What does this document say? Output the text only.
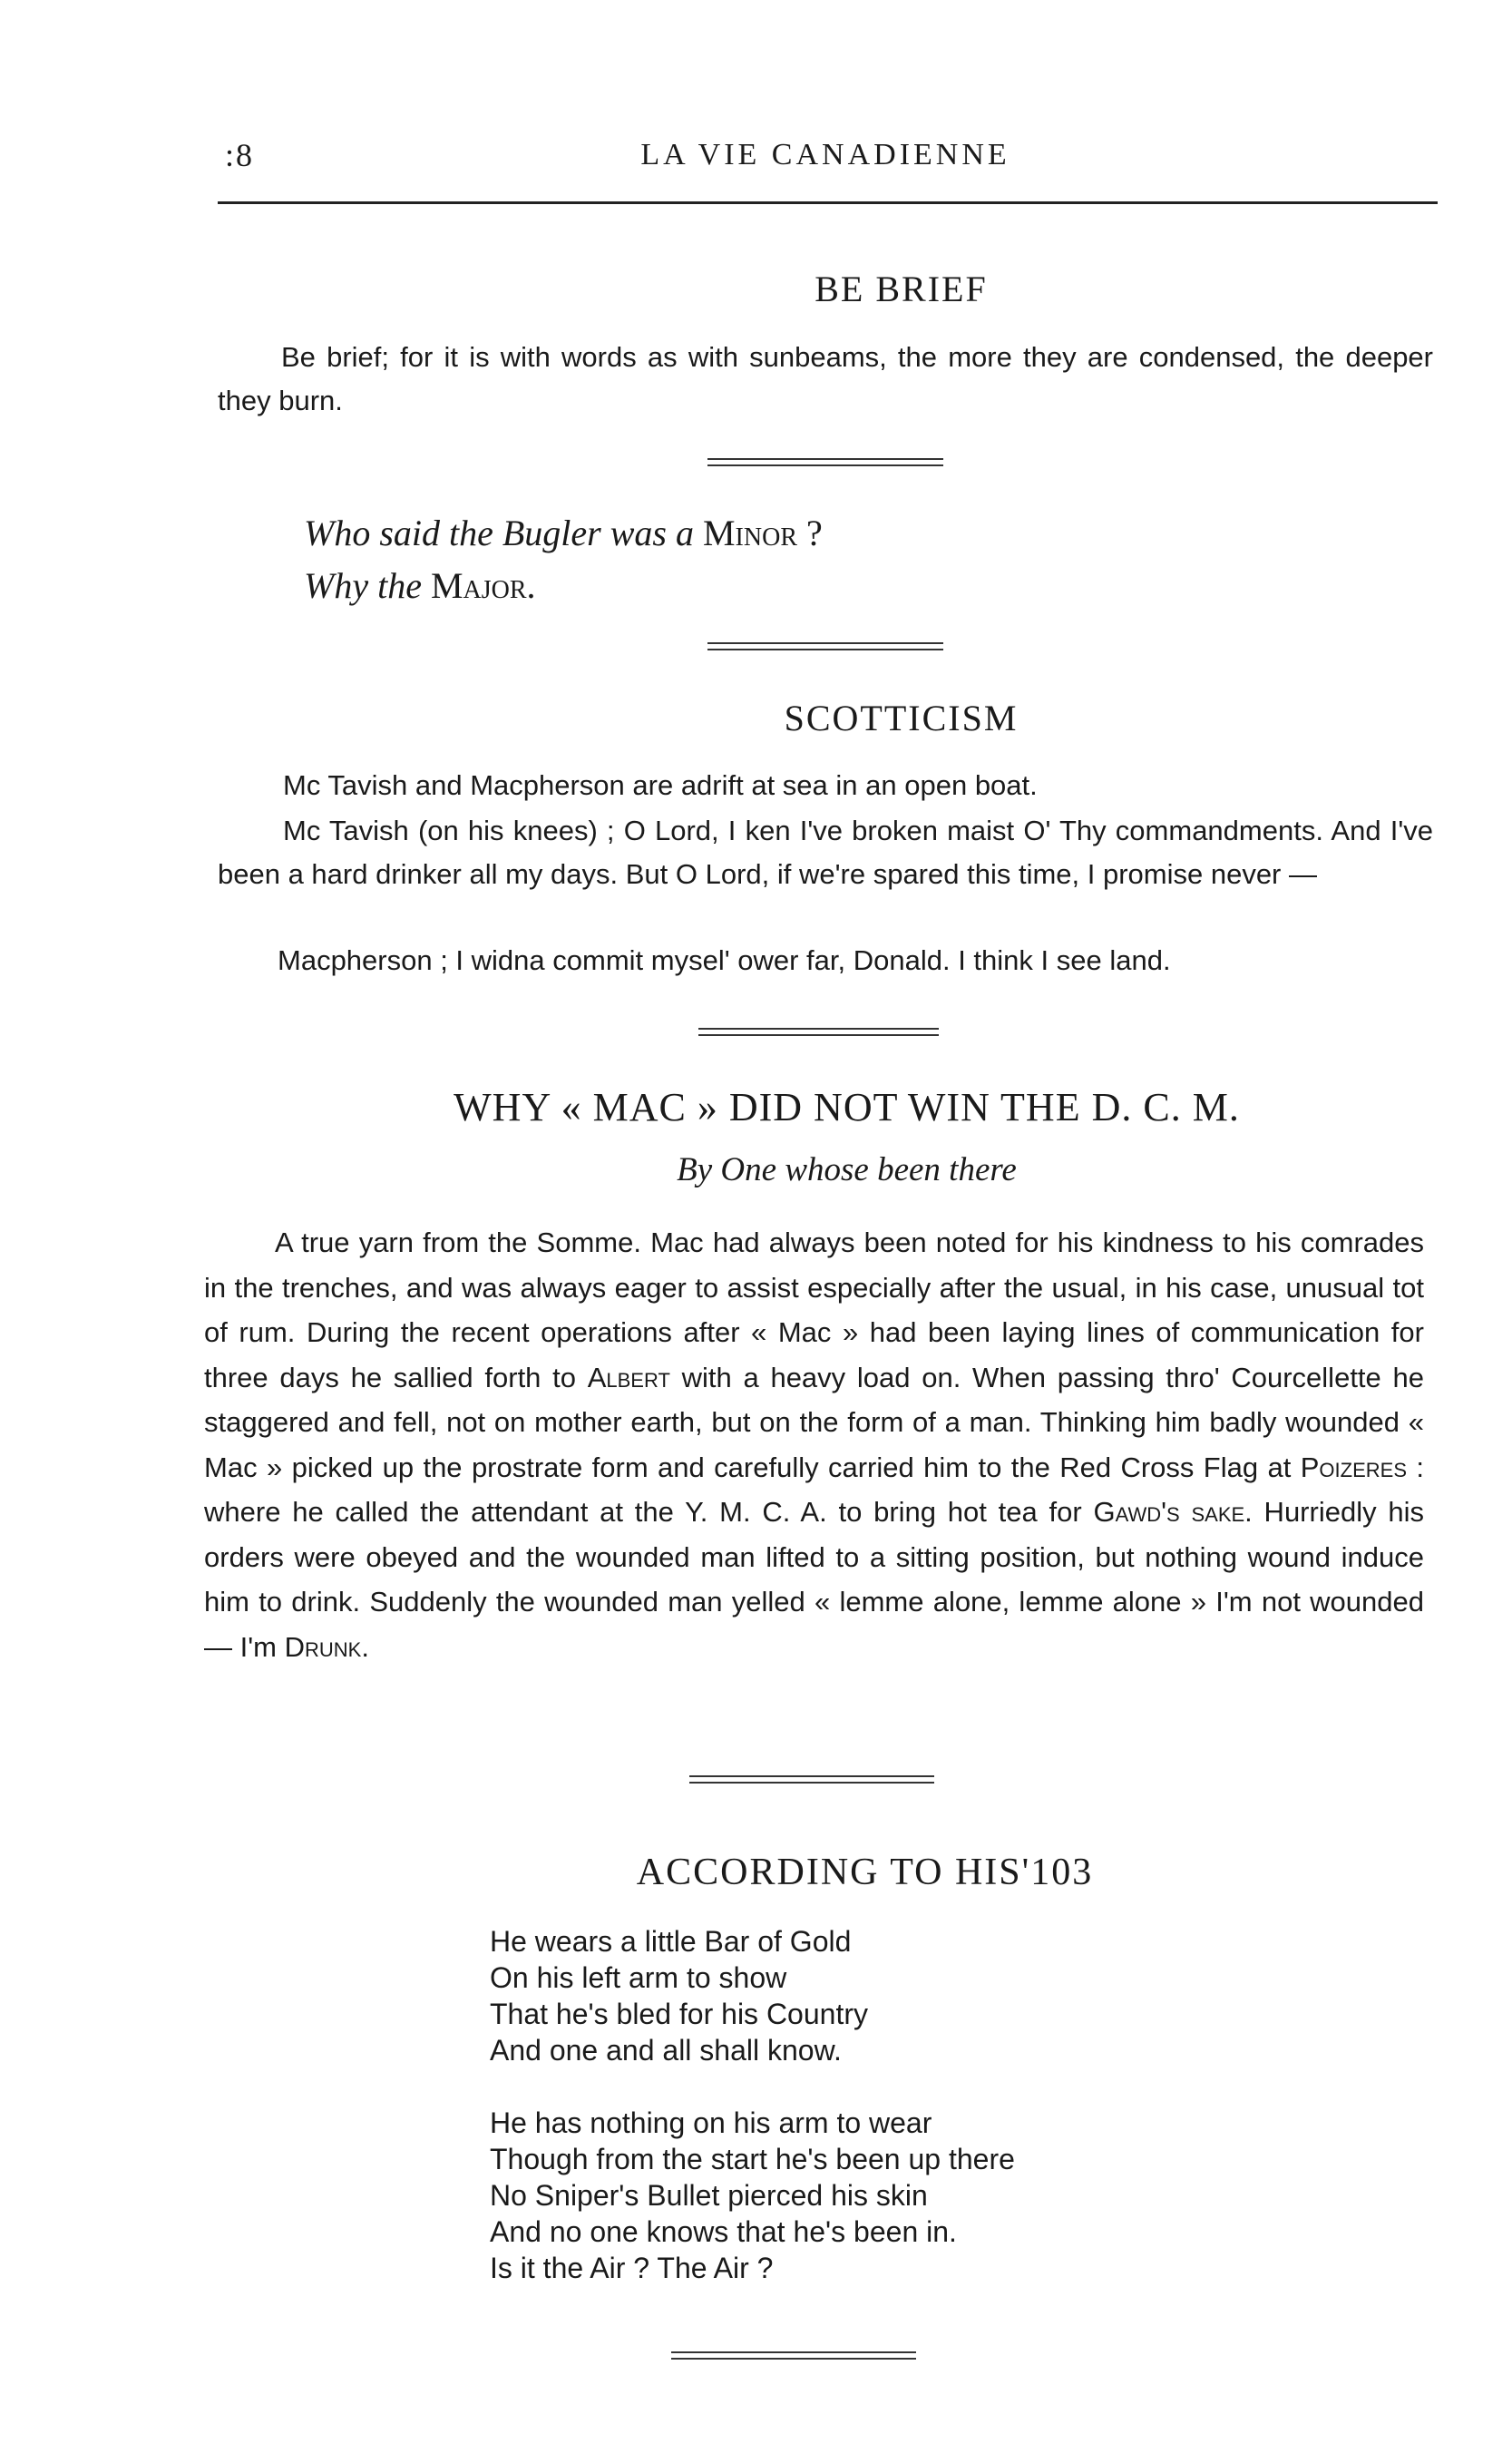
:8	LA VIE CANADIENNE
BE BRIEF
Be brief; for it is with words as with sunbeams, the more they are condensed, the deeper they burn.
Who said the Bugler was a Minor ?
Why the Major.
SCOTTICISM
Mc Tavish and Macpherson are adrift at sea in an open boat.
Mc Tavish (on his knees) ; O Lord, I ken I've broken maist O' Thy commandments. And I've been a hard drinker all my days. But O Lord, if we're spared this time, I promise never —
Macpherson ; I widna commit mysel' ower far, Donald. I think I see land.
WHY « MAC » DID NOT WIN THE D. C. M.
By One whose been there
A true yarn from the Somme. Mac had always been noted for his kindness to his comrades in the trenches, and was always eager to assist especially after the usual, in his case, unusual tot of rum. During the recent operations after « Mac » had been laying lines of communication for three days he sallied forth to Albert with a heavy load on. When passing thro' Courcellette he staggered and fell, not on mother earth, but on the form of a man. Thinking him badly wounded « Mac » picked up the prostrate form and carefully carried him to the Red Cross Flag at Poizeres : where he called the attendant at the Y. M. C. A. to bring hot tea for Gawd's sake. Hurriedly his orders were obeyed and the wounded man lifted to a sitting position, but nothing wound induce him to drink. Suddenly the wounded man yelled « lemme alone, lemme alone » I'm not wounded — I'm Drunk.
ACCORDING TO HIS'103
He wears a little Bar of Gold
On his left arm to show
That he's bled for his Country
And one and all shall know.
He has nothing on his arm to wear
Though from the start he's been up there
No Sniper's Bullet pierced his skin
And no one knows that he's been in.
Is it the Air ? The Air ?
